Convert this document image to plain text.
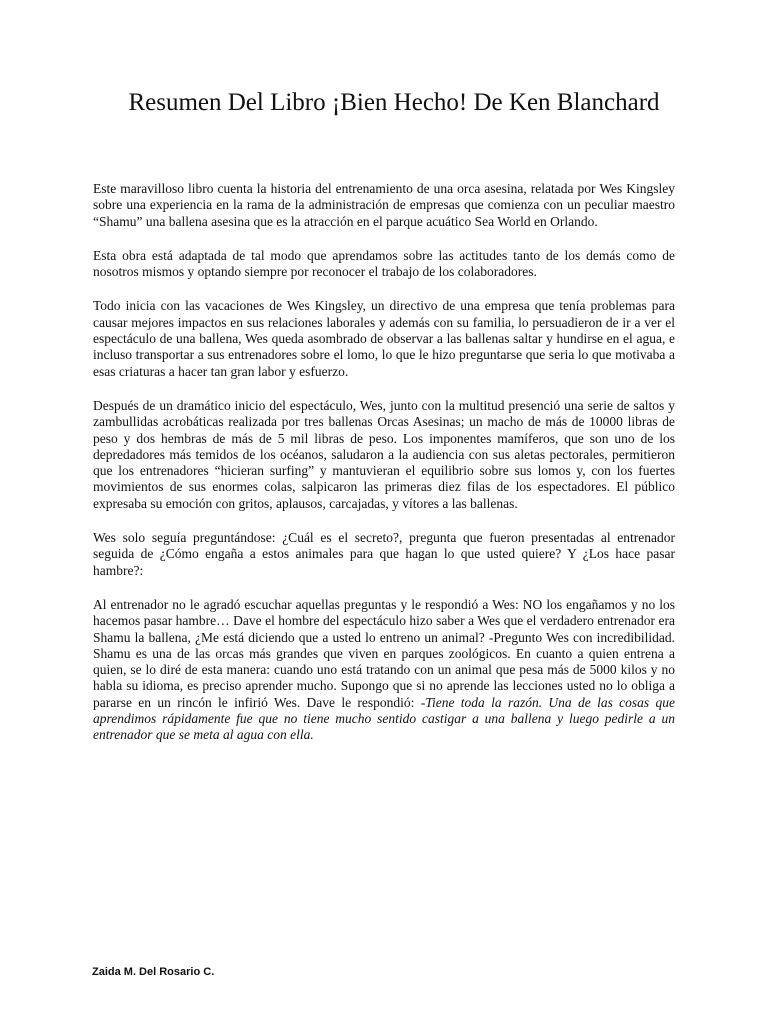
Resumen Del Libro ¡Bien Hecho! De Ken Blanchard

Este maravilloso libro cuenta la historia del entrenamiento de una orca asesina, relatada por Wes Kingsley sobre una experiencia en la rama de la administración de empresas que comienza con un peculiar maestro “Shamu” una ballena asesina que es la atracción en el parque acuático Sea World en Orlando.

Esta obra está adaptada de tal modo que aprendamos sobre las actitudes tanto de los demás como de nosotros mismos y optando siempre por reconocer el trabajo de los colaboradores.

Todo inicia con las vacaciones de Wes Kingsley, un directivo de una empresa que tenía problemas para causar mejores impactos en sus relaciones laborales y además con su familia, lo persuadieron de ir a ver el espectáculo de una ballena, Wes queda asombrado de observar a las ballenas saltar y hundirse en el agua, e incluso transportar a sus entrenadores sobre el lomo, lo que le hizo preguntarse que seria lo que motivaba a esas criaturas a hacer tan gran labor y esfuerzo.

Después de un dramático inicio del espectáculo, Wes, junto con la multitud presenció una serie de saltos y zambullidas acrobáticas realizada por tres ballenas Orcas Asesinas; un macho de más de 10000 libras de peso y dos hembras de más de 5 mil libras de peso. Los imponentes mamíferos, que son uno de los depredadores más temidos de los océanos, saludaron a la audiencia con sus aletas pectorales, permitieron que los entrenadores “hicieran surfing” y mantuvieran el equilibrio sobre sus lomos y, con los fuertes movimientos de sus enormes colas, salpicaron las primeras diez filas de los espectadores. El público expresaba su emoción con gritos, aplausos, carcajadas, y vítores a las ballenas.

Wes solo seguía preguntándose: ¿Cuál es el secreto?, pregunta que fueron presentadas al entrenador seguida de ¿Cómo engaña a estos animales para que hagan lo que usted quiere? Y ¿Los hace pasar hambre?:

Al entrenador no le agradó escuchar aquellas preguntas y le respondió a Wes: NO los engañamos y no los hacemos pasar hambre… Dave el hombre del espectáculo hizo saber a Wes que el verdadero entrenador era Shamu la ballena, ¿Me está diciendo que a usted lo entreno un animal? -Pregunto Wes con incredibilidad. Shamu es una de las orcas más grandes que viven en parques zoológicos. En cuanto a quien entrena a quien, se lo diré de esta manera: cuando uno está tratando con un animal que pesa más de 5000 kilos y no habla su idioma, es preciso aprender mucho. Supongo que si no aprende las lecciones usted no lo obliga a pararse en un rincón le infirió Wes. Dave le respondió: -Tiene toda la razón. Una de las cosas que aprendimos rápidamente fue que no tiene mucho sentido castigar a una ballena y luego pedirle a un entrenador que se meta al agua con ella.

Zaida M. Del Rosario C.
